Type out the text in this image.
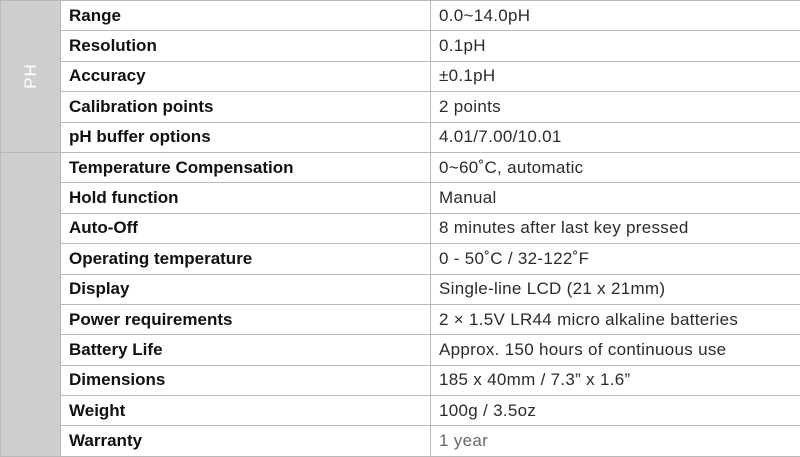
PH	Range	0.0~14.0pH
	Resolution	0.1pH
	Accuracy	±0.1pH
	Calibration points	2 points
	pH buffer options	4.01/7.00/10.01
	Temperature Compensation	0~60˚C, automatic
	Hold function	Manual
	Auto-Off	8 minutes after last key pressed
	Operating temperature	0 - 50˚C / 32-122˚F
	Display	Single-line LCD (21 x 21mm)
	Power requirements	2 × 1.5V LR44 micro alkaline batteries
	Battery Life	Approx. 150 hours of continuous use
	Dimensions	185 x 40mm / 7.3” x 1.6”
	Weight	100g / 3.5oz
	Warranty	1 year
